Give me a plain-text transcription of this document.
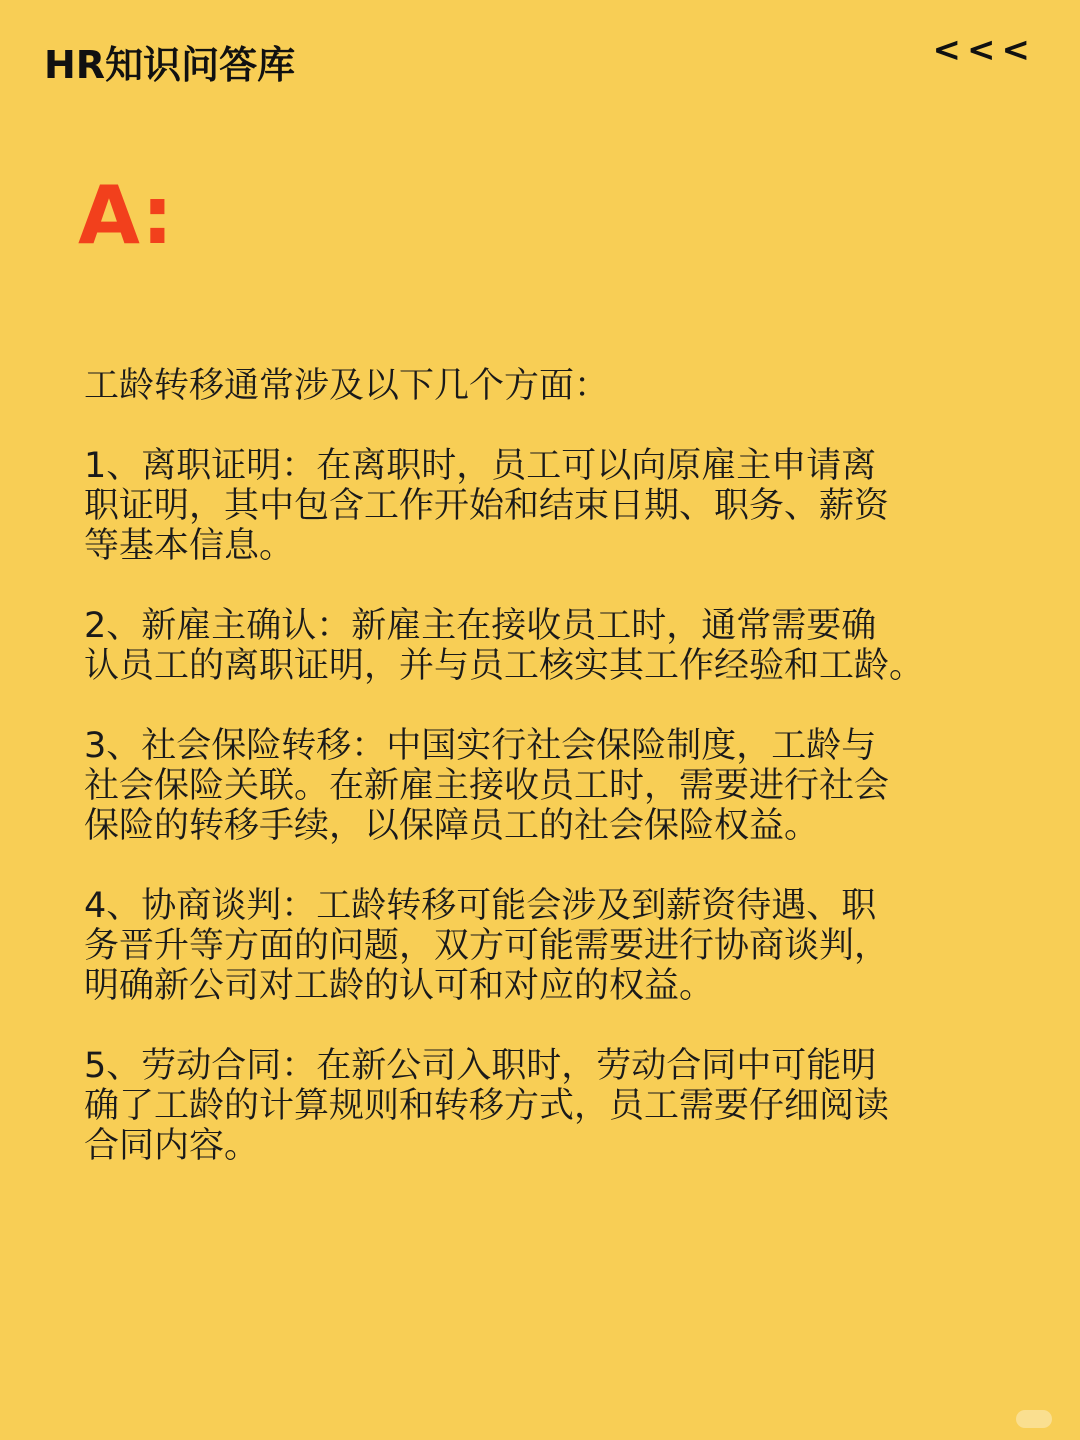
HR知识问答库	<<<
A:

工龄转移通常涉及以下几个方面：

1、离职证明：在离职时，员工可以向原雇主申请离
职证明，其中包含工作开始和结束日期、职务、薪资
等基本信息。
2、新雇主确认：新雇主在接收员工时，通常需要确
认员工的离职证明，并与员工核实其工作经验和工龄。
3、社会保险转移：中国实行社会保险制度，工龄与
社会保险关联。在新雇主接收员工时，需要进行社会
保险的转移手续，以保障员工的社会保险权益。
4、协商谈判：工龄转移可能会涉及到薪资待遇、职
务晋升等方面的问题，双方可能需要进行协商谈判，
明确新公司对工龄的认可和对应的权益。
5、劳动合同：在新公司入职时，劳动合同中可能明
确了工龄的计算规则和转移方式，员工需要仔细阅读
合同内容。
